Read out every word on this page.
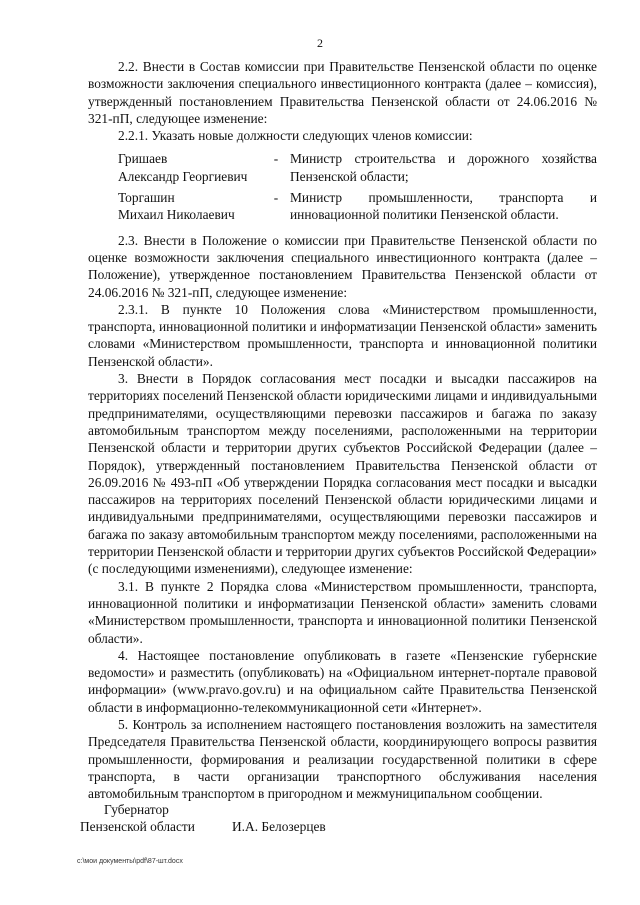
2

2.2. Внести в Состав комиссии при Правительстве Пензенской области по оценке возможности заключения специального инвестиционного контракта (далее – комиссия), утвержденный постановлением Правительства Пензенской области от 24.06.2016 № 321-пП, следующее изменение:

2.2.1. Указать новые должности следующих членов комиссии:

Гришаев
Александр Георгиевич
- Министр строительства и дорожного хозяйства Пензенской области;
Торгашин
Михаил Николаевич
- Министр промышленности, транспорта и инновационной политики Пензенской области.

2.3. Внести в Положение о комиссии при Правительстве Пензенской области по оценке возможности заключения специального инвестиционного контракта (далее – Положение), утвержденное постановлением Правительства Пензенской области от 24.06.2016 № 321-пП, следующее изменение:

2.3.1. В пункте 10 Положения слова «Министерством промышленности, транспорта, инновационной политики и информатизации Пензенской области» заменить словами «Министерством промышленности, транспорта и инновационной политики Пензенской области».

3. Внести в Порядок согласования мест посадки и высадки пассажиров на территориях поселений Пензенской области юридическими лицами и индивидуальными предпринимателями, осуществляющими перевозки пассажиров и багажа по заказу автомобильным транспортом между поселениями, расположенными на территории Пензенской области и территории других субъектов Российской Федерации (далее – Порядок), утвержденный постановлением Правительства Пензенской области от 26.09.2016 № 493-пП «Об утверждении Порядка согласования мест посадки и высадки пассажиров на территориях поселений Пензенской области юридическими лицами и индивидуальными предпринимателями, осуществляющими перевозки пассажиров и багажа по заказу автомобильным транспортом между поселениями, расположенными на территории Пензенской области и территории других субъектов Российской Федерации» (с последующими изменениями), следующее изменение:

3.1. В пункте 2 Порядка слова «Министерством промышленности, транспорта, инновационной политики и информатизации Пензенской области» заменить словами «Министерством промышленности, транспорта и инновационной политики Пензенской области».

4. Настоящее постановление опубликовать в газете «Пензенские губернские ведомости» и разместить (опубликовать) на «Официальном интернет-портале правовой информации» (www.pravo.gov.ru) и на официальном сайте Правительства Пензенской области в информационно-телекоммуникационной сети «Интернет».

5. Контроль за исполнением настоящего постановления возложить на заместителя Председателя Правительства Пензенской области, координирующего вопросы развития промышленности, формирования и реализации государственной политики в сфере транспорта, в части организации транспортного обслуживания населения автомобильным транспортом в пригородном и межмуниципальном сообщении.

Губернатор
Пензенской области	И.А. Белозерцев
c:\мои документы\pdf\87-шт.docx
